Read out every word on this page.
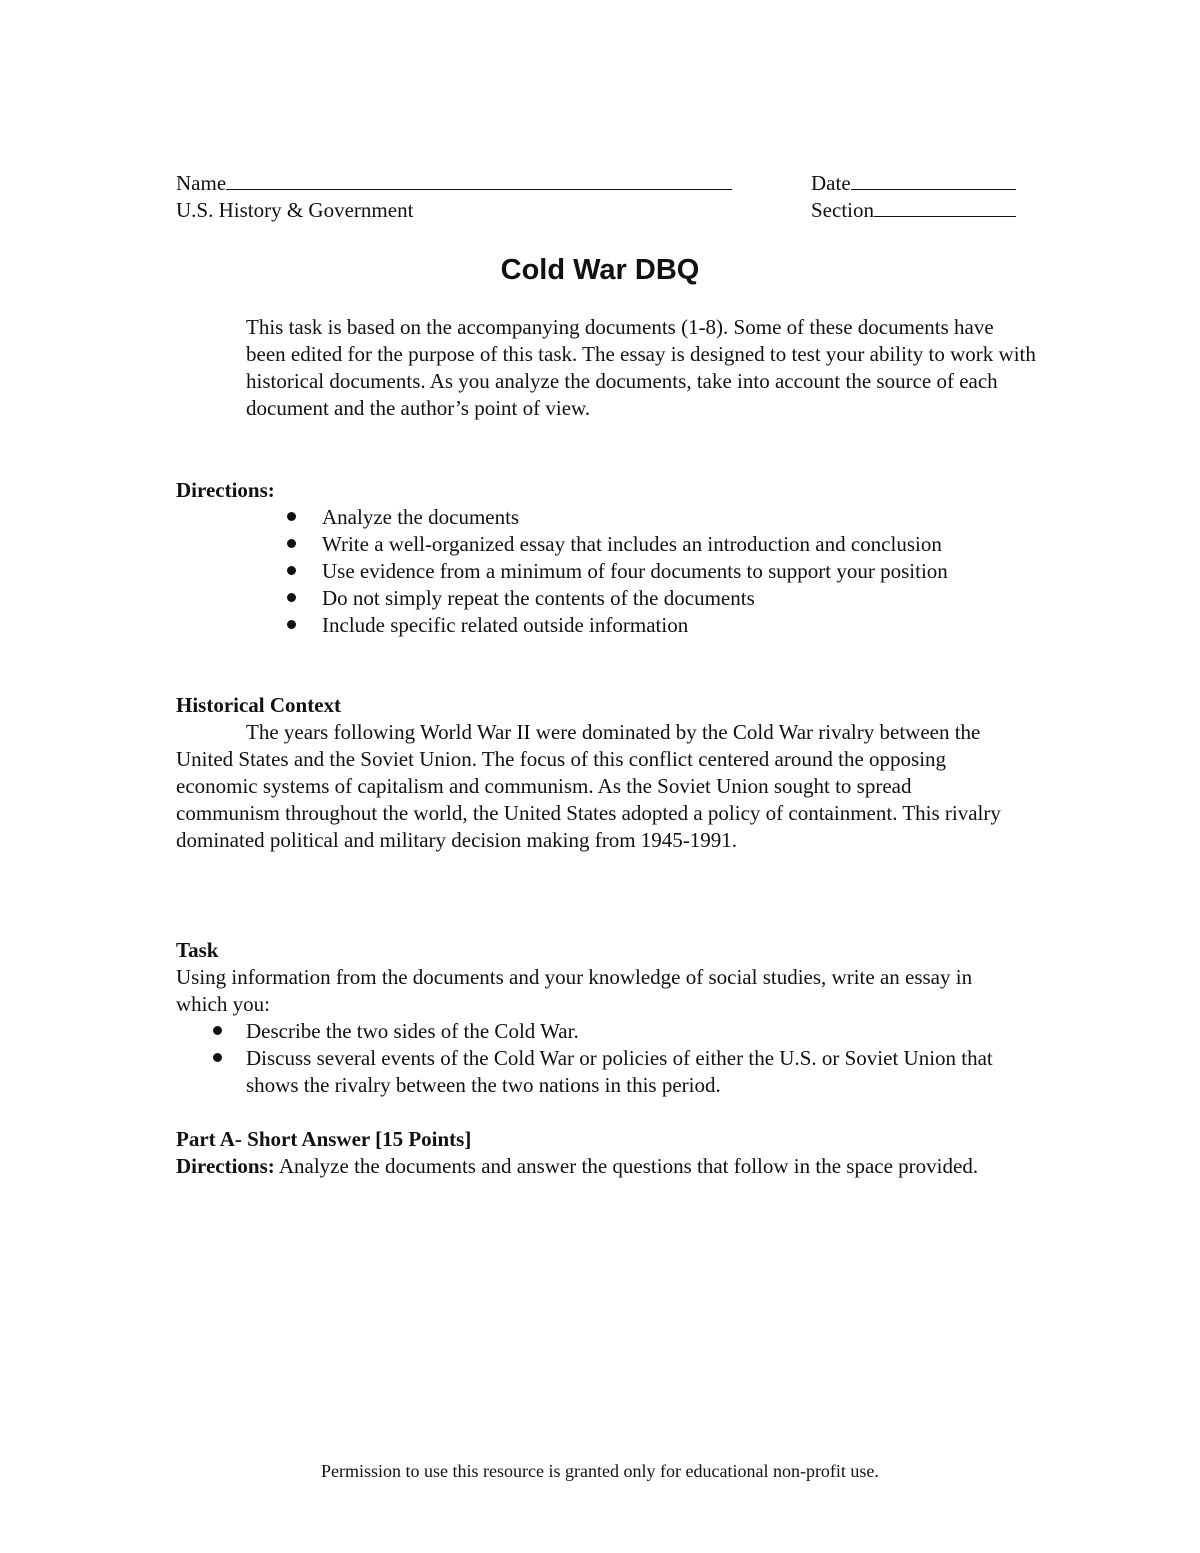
Name	Date
U.S. History & Government	Section
Cold War DBQ
This task is based on the accompanying documents (1-8). Some of these documents have been edited for the purpose of this task. The essay is designed to test your ability to work with historical documents. As you analyze the documents, take into account the source of each document and the author’s point of view.
Directions:
Analyze the documents
Write a well-organized essay that includes an introduction and conclusion
Use evidence from a minimum of four documents to support your position
Do not simply repeat the contents of the documents
Include specific related outside information
Historical Context
The years following World War II were dominated by the Cold War rivalry between the United States and the Soviet Union. The focus of this conflict centered around the opposing economic systems of capitalism and communism. As the Soviet Union sought to spread communism throughout the world, the United States adopted a policy of containment. This rivalry dominated political and military decision making from 1945-1991.
Task
Using information from the documents and your knowledge of social studies, write an essay in which you:
Describe the two sides of the Cold War.
Discuss several events of the Cold War or policies of either the U.S. or Soviet Union that shows the rivalry between the two nations in this period.
Part A- Short Answer [15 Points]
Directions: Analyze the documents and answer the questions that follow in the space provided.
Permission to use this resource is granted only for educational non-profit use.
